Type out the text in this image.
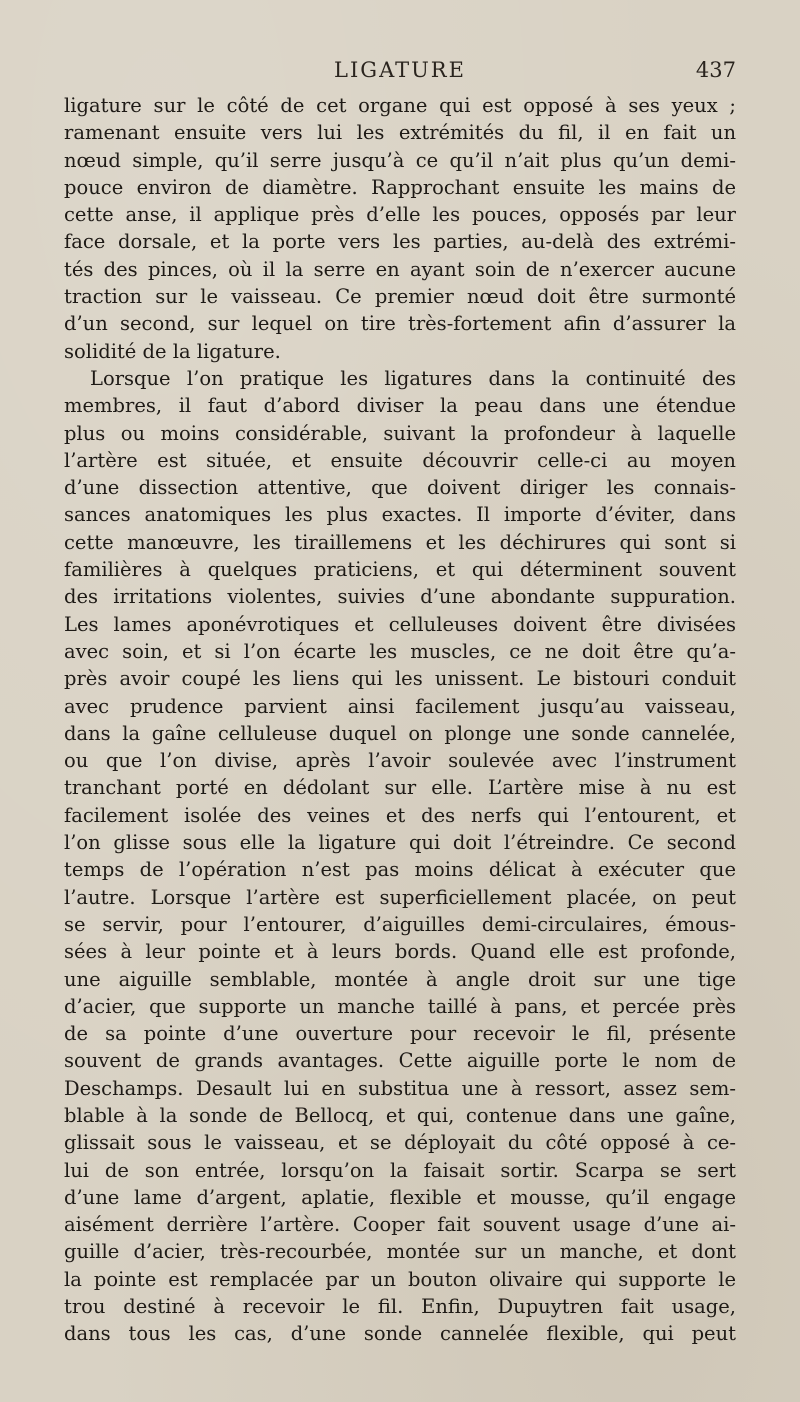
LIGATURE	437
ligature sur le côté de cet organe qui est opposé à ses yeux ;
ramenant ensuite vers lui les extrémités du fil, il en fait un
nœud simple, qu’il serre jusqu’à ce qu’il n’ait plus qu’un demi-
pouce environ de diamètre. Rapprochant ensuite les mains de
cette anse, il applique près d’elle les pouces, opposés par leur
face dorsale, et la porte vers les parties, au-delà des extrémi-
tés des pinces, où il la serre en ayant soin de n’exercer aucune
traction sur le vaisseau. Ce premier nœud doit être surmonté
d’un second, sur lequel on tire très-fortement afin d’assurer la
solidité de la ligature.
Lorsque l’on pratique les ligatures dans la continuité des
membres, il faut d’abord diviser la peau dans une étendue
plus ou moins considérable, suivant la profondeur à laquelle
l’artère est située, et ensuite découvrir celle-ci au moyen
d’une dissection attentive, que doivent diriger les connais-
sances anatomiques les plus exactes. Il importe d’éviter, dans
cette manœuvre, les tiraillemens et les déchirures qui sont si
familières à quelques praticiens, et qui déterminent souvent
des irritations violentes, suivies d’une abondante suppuration.
Les lames aponévrotiques et celluleuses doivent être divisées
avec soin, et si l’on écarte les muscles, ce ne doit être qu’a-
près avoir coupé les liens qui les unissent. Le bistouri conduit
avec prudence parvient ainsi facilement jusqu’au vaisseau,
dans la gaîne celluleuse duquel on plonge une sonde cannelée,
ou que l’on divise, après l’avoir soulevée avec l’instrument
tranchant porté en dédolant sur elle. L’artère mise à nu est
facilement isolée des veines et des nerfs qui l’entourent, et
l’on glisse sous elle la ligature qui doit l’étreindre. Ce second
temps de l’opération n’est pas moins délicat à exécuter que
l’autre. Lorsque l’artère est superficiellement placée, on peut
se servir, pour l’entourer, d’aiguilles demi-circulaires, émous-
sées à leur pointe et à leurs bords. Quand elle est profonde,
une aiguille semblable, montée à angle droit sur une tige
d’acier, que supporte un manche taillé à pans, et percée près
de sa pointe d’une ouverture pour recevoir le fil, présente
souvent de grands avantages. Cette aiguille porte le nom de
Deschamps. Desault lui en substitua une à ressort, assez sem-
blable à la sonde de Bellocq, et qui, contenue dans une gaîne,
glissait sous le vaisseau, et se déployait du côté opposé à ce-
lui de son entrée, lorsqu’on la faisait sortir. Scarpa se sert
d’une lame d’argent, aplatie, flexible et mousse, qu’il engage
aisément derrière l’artère. Cooper fait souvent usage d’une ai-
guille d’acier, très-recourbée, montée sur un manche, et dont
la pointe est remplacée par un bouton olivaire qui supporte le
trou destiné à recevoir le fil. Enfin, Dupuytren fait usage,
dans tous les cas, d’une sonde cannelée flexible, qui peut
